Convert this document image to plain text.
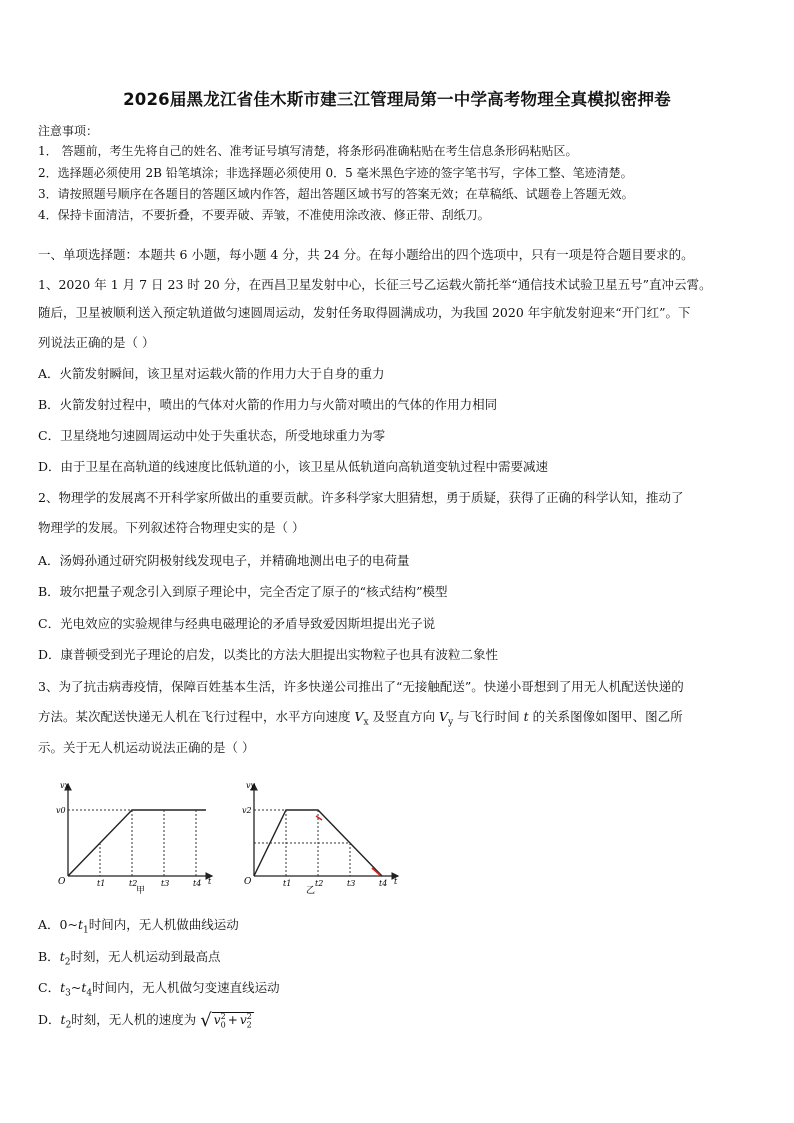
2026届黑龙江省佳木斯市建三江管理局第一中学高考物理全真模拟密押卷
注意事项：
1． 答题前，考生先将自己的姓名、准考证号填写清楚，将条形码准确粘贴在考生信息条形码粘贴区。
2．选择题必须使用 2B 铅笔填涂；非选择题必须使用 0．5 毫米黑色字迹的签字笔书写，字体工整、笔迹清楚。
3．请按照题号顺序在各题目的答题区域内作答，超出答题区域书写的答案无效；在草稿纸、试题卷上答题无效。
4．保持卡面清洁，不要折叠，不要弄破、弄皱，不准使用涂改液、修正带、刮纸刀。
一、单项选择题：本题共 6 小题，每小题 4 分，共 24 分。在每小题给出的四个选项中，只有一项是符合题目要求的。
1、2020 年 1 月 7 日 23 时 20 分，在西昌卫星发射中心，长征三号乙运载火箭托举“通信技术试验卫星五号”直冲云霄。
随后，卫星被顺利送入预定轨道做匀速圆周运动，发射任务取得圆满成功，为我国 2020 年宇航发射迎来“开门红”。下
列说法正确的是（ ）
A．火箭发射瞬间，该卫星对运载火箭的作用力大于自身的重力
B．火箭发射过程中，喷出的气体对火箭的作用力与火箭对喷出的气体的作用力相同
C．卫星绕地匀速圆周运动中处于失重状态，所受地球重力为零
D．由于卫星在高轨道的线速度比低轨道的小，该卫星从低轨道向高轨道变轨过程中需要减速
2、物理学的发展离不开科学家所做出的重要贡献。许多科学家大胆猜想，勇于质疑，获得了正确的科学认知，推动了
物理学的发展。下列叙述符合物理史实的是（ ）
A．汤姆孙通过研究阴极射线发现电子，并精确地测出电子的电荷量
B．玻尔把量子观念引入到原子理论中，完全否定了原子的“核式结构”模型
C．光电效应的实验规律与经典电磁理论的矛盾导致爱因斯坦提出光子说
D．康普顿受到光子理论的启发，以类比的方法大胆提出实物粒子也具有波粒二象性
3、为了抗击病毒疫情，保障百姓基本生活，许多快递公司推出了“无接触配送”。快递小哥想到了用无人机配送快递的
方法。某次配送快递无人机在飞行过程中，水平方向速度 $V_x$ 及竖直方向 $V_y$ 与飞行时间 t 的关系图像如图甲、图乙所
示。关于无人机运动说法正确的是（ ）
vx
v0
O	t1	t2	t3	t4 t
甲
vy
v2
O	t1	t2	t3	t4 t
乙
A．$0\sim t_1$时间内，无人机做曲线运动
B．$t_2$时刻，无人机运动到最高点
C．$t_3\sim t_4$时间内，无人机做匀变速直线运动
D．$t_2$时刻，无人机的速度为 √ $v_0^2 + v_2^2$
